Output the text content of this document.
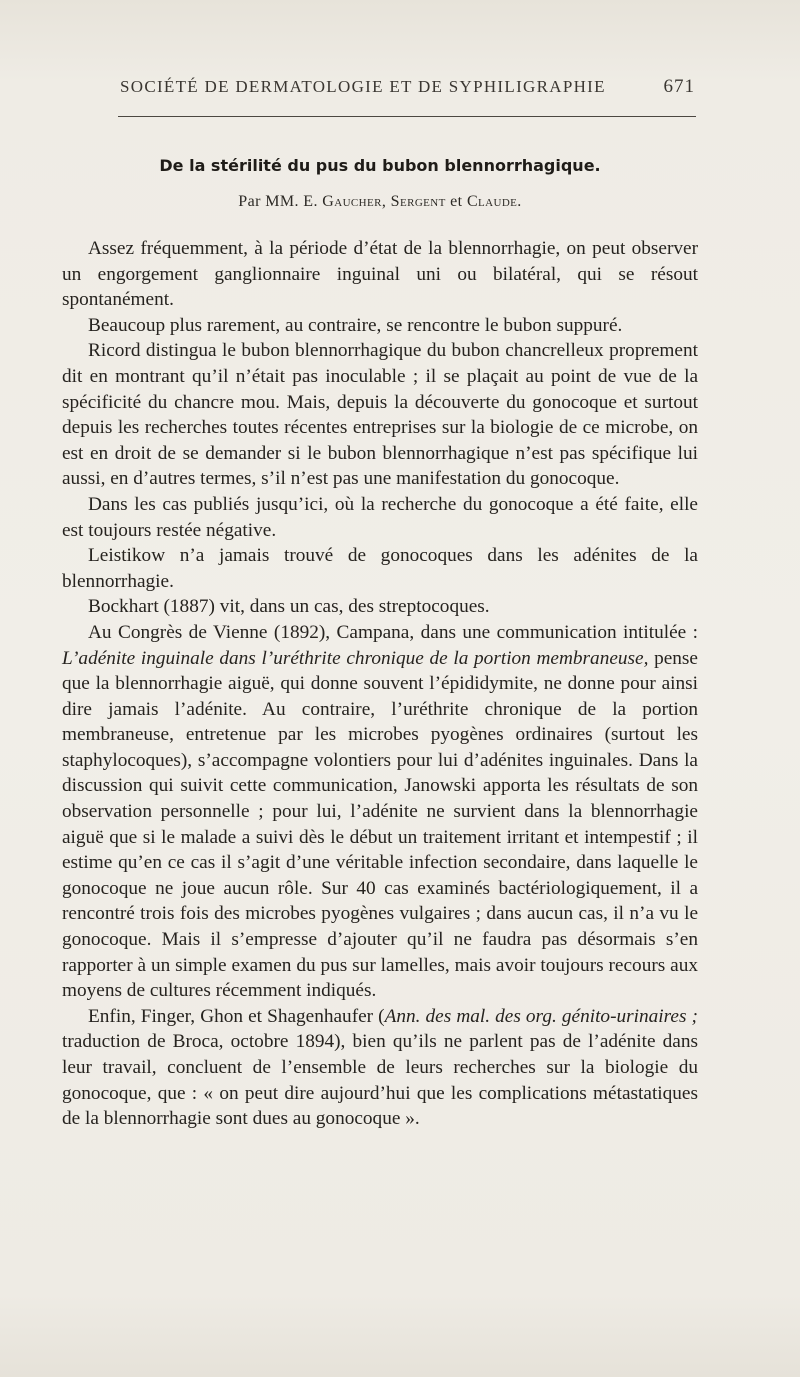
SOCIÉTÉ DE DERMATOLOGIE ET DE SYPHILIGRAPHIE	671
De la stérilité du pus du bubon blennorrhagique.
Par MM. E. Gaucher, Sergent et Claude.

Assez fréquemment, à la période d’état de la blennorrhagie, on peut observer un engorgement ganglionnaire inguinal uni ou bilatéral, qui se résout spontanément.

Beaucoup plus rarement, au contraire, se rencontre le bubon suppuré.

Ricord distingua le bubon blennorrhagique du bubon chancrelleux proprement dit en montrant qu’il n’était pas inoculable ; il se plaçait au point de vue de la spécificité du chancre mou. Mais, depuis la découverte du gonocoque et surtout depuis les recherches toutes récentes entreprises sur la biologie de ce microbe, on est en droit de se demander si le bubon blennorrhagique n’est pas spécifique lui aussi, en d’autres termes, s’il n’est pas une manifestation du gonocoque.

Dans les cas publiés jusqu’ici, où la recherche du gonocoque a été faite, elle est toujours restée négative.

Leistikow n’a jamais trouvé de gonocoques dans les adénites de la blennorrhagie.

Bockhart (1887) vit, dans un cas, des streptocoques.

Au Congrès de Vienne (1892), Campana, dans une communication intitulée : L’adénite inguinale dans l’uréthrite chronique de la portion membraneuse, pense que la blennorrhagie aiguë, qui donne souvent l’épididymite, ne donne pour ainsi dire jamais l’adénite. Au contraire, l’uréthrite chronique de la portion membraneuse, entretenue par les microbes pyogènes ordinaires (surtout les staphylocoques), s’accompagne volontiers pour lui d’adénites inguinales. Dans la discussion qui suivit cette communication, Janowski apporta les résultats de son observation personnelle ; pour lui, l’adénite ne survient dans la blennorrhagie aiguë que si le malade a suivi dès le début un traitement irritant et intempestif ; il estime qu’en ce cas il s’agit d’une véritable infection secondaire, dans laquelle le gonocoque ne joue aucun rôle. Sur 40 cas examinés bactériologiquement, il a rencontré trois fois des microbes pyogènes vulgaires ; dans aucun cas, il n’a vu le gonocoque. Mais il s’empresse d’ajouter qu’il ne faudra pas désormais s’en rapporter à un simple examen du pus sur lamelles, mais avoir toujours recours aux moyens de cultures récemment indiqués.

Enfin, Finger, Ghon et Shagenhaufer (Ann. des mal. des org. génito-urinaires ; traduction de Broca, octobre 1894), bien qu’ils ne parlent pas de l’adénite dans leur travail, concluent de l’ensemble de leurs recherches sur la biologie du gonocoque, que : « on peut dire aujourd’hui que les complications métastatiques de la blennorrhagie sont dues au gonocoque ».
